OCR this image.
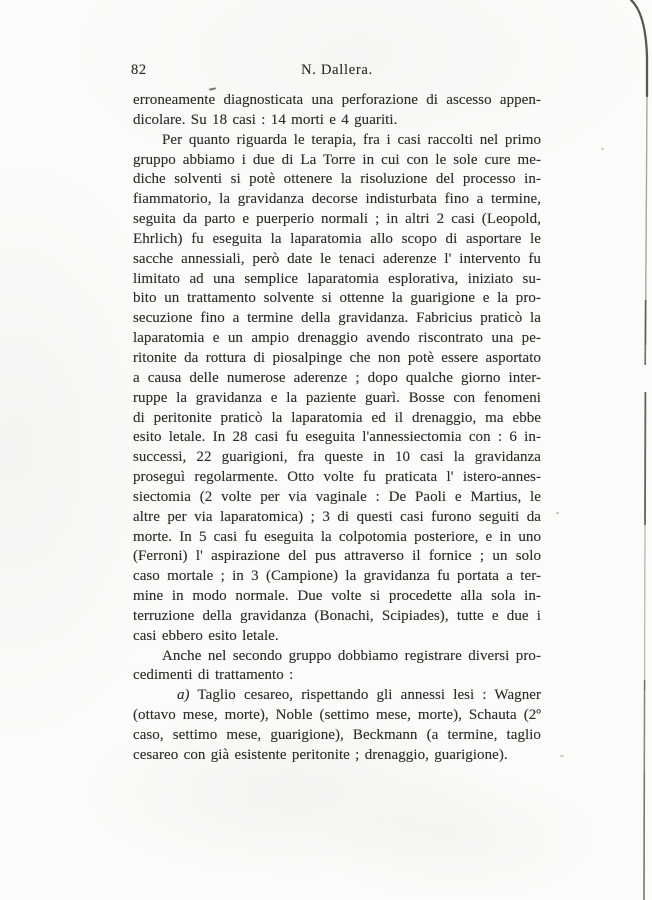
82	N. Dallera.
erroneamente diagnosticata una perforazione di ascesso appen-
dicolare. Su 18 casi : 14 morti e 4 guariti.
Per quanto riguarda le terapia, fra i casi raccolti nel primo
gruppo abbiamo i due di La Torre in cui con le sole cure me-
diche solventi si potè ottenere la risoluzione del processo in-
fiammatorio, la gravidanza decorse indisturbata fino a termine,
seguita da parto e puerperio normali ; in altri 2 casi (Leopold,
Ehrlich) fu eseguita la laparatomia allo scopo di asportare le
sacche annessiali, però date le tenaci aderenze l' intervento fu
limitato ad una semplice laparatomia esplorativa, iniziato su-
bito un trattamento solvente si ottenne la guarigione e la pro-
secuzione fino a termine della gravidanza. Fabricius praticò la
laparatomia e un ampio drenaggio avendo riscontrato una pe-
ritonite da rottura di piosalpinge che non potè essere asportato
a causa delle numerose aderenze ; dopo qualche giorno inter-
ruppe la gravidanza e la paziente guarì. Bosse con fenomeni
di peritonite praticò la laparatomia ed il drenaggio, ma ebbe
esito letale. In 28 casi fu eseguita l'annessiectomia con : 6 in-
successi, 22 guarigioni, fra queste in 10 casi la gravidanza
proseguì regolarmente. Otto volte fu praticata l' istero-annes-
siectomia (2 volte per via vaginale : De Paoli e Martius, le
altre per via laparatomica) ; 3 di questi casi furono seguiti da
morte. In 5 casi fu eseguita la colpotomia posteriore, e in uno
(Ferroni) l' aspirazione del pus attraverso il fornice ; un solo
caso mortale ; in 3 (Campione) la gravidanza fu portata a ter-
mine in modo normale. Due volte si procedette alla sola in-
terruzione della gravidanza (Bonachi, Scipiades), tutte e due i
casi ebbero esito letale.
Anche nel secondo gruppo dobbiamo registrare diversi pro-
cedimenti di trattamento :
a) Taglio cesareo, rispettando gli annessi lesi : Wagner
(ottavo mese, morte), Noble (settimo mese, morte), Schauta (2º
caso, settimo mese, guarigione), Beckmann (a termine, taglio
cesareo con già esistente peritonite ; drenaggio, guarigione).
